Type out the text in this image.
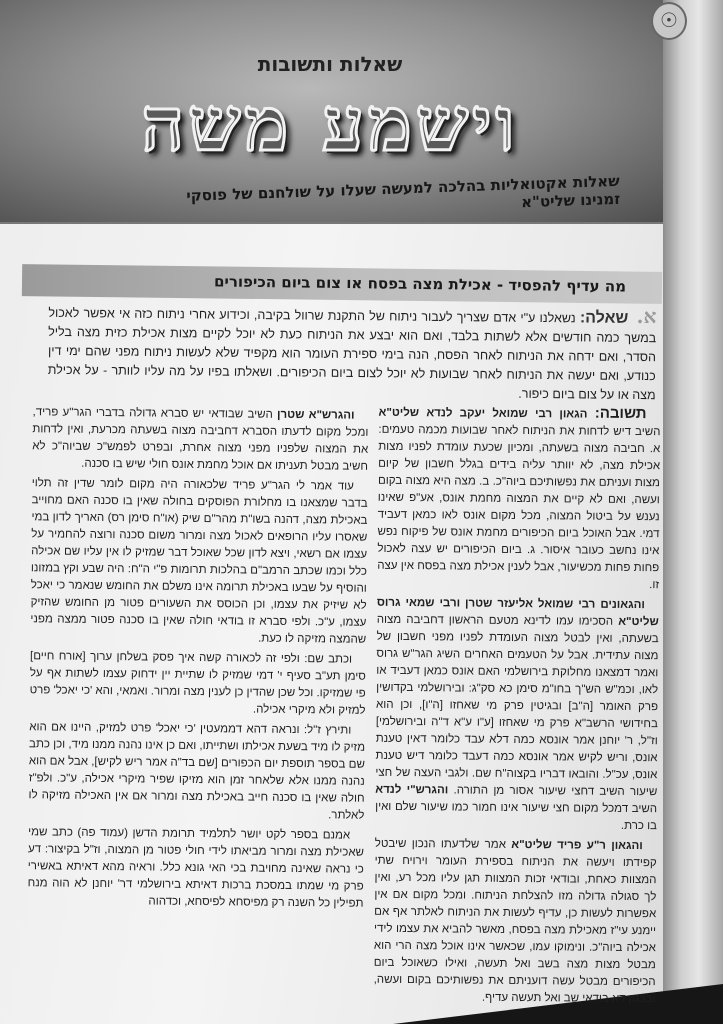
שאלות ותשובות
וישמע משה
שאלות אקטואליות בהלכה למעשה שעלו על שולחנם של פוסקי זמנינו שליט"א
☉
מה עדיף להפסיד - אכילת מצה בפסח או צום ביום הכיפורים
א. שאלה: נשאלנו ע"י אדם שצריך לעבור ניתוח של התקנת שרוול בקיבה, וכידוע אחרי ניתוח כזה אי אפשר לאכול במשך כמה חודשים אלא לשתות בלבד, ואם הוא יבצע את הניתוח כעת לא יוכל לקיים מצות אכילת כזית מצה בליל הסדר, ואם ידחה את הניתוח לאחר הפסח, הנה בימי ספירת העומר הוא מקפיד שלא לעשות ניתוח מפני שהם ימי דין כנודע, ואם יעשה את הניתוח לאחר שבועות לא יוכל לצום ביום הכיפורים. ושאלתו בפיו על מה עליו לוותר - על אכילת מצה או על צום ביום כיפור.

תשובה: הגאון רבי שמואל יעקב לנדא שליט"א השיב דיש לדחות את הניתוח לאחר שבועות מכמה טעמים: א. חביבה מצוה בשעתה, ומכיון שכעת עומדת לפניו מצות אכילת מצה, לא יוותר עליה בידים בגלל חשבון של קיום מצות ועניתם את נפשותיכם ביוה"כ. ב. מצה היא מצוה בקום ועשה, ואם לא קיים את המצוה מחמת אונס, אע"פ שאינו נענש על ביטול המצוה, מכל מקום אונס לאו כמאן דעביד דמי. אבל האוכל ביום הכיפורים מחמת אונס של פיקוח נפש אינו נחשב כעובר איסור. ג. ביום הכיפורים יש עצה לאכול פחות פחות מכשיעור, אבל לענין אכילת מצה בפסח אין עצה זו.

והגאונים רבי שמואל אליעזר שטרן ורבי שמאי גרוס שליט"א הסכימו עמו לדינא מטעם הראשון דחביבה מצוה בשעתה, ואין לבטל מצוה העומדת לפניו מפני חשבון של מצוה עתידית. אבל על הטעמים האחרים השיג הגר"ש גרוס ואמר דמצאנו מחלוקת בירושלמי האם אונס כמאן דעביד או לאו, וכמ"ש הש"ך בחו"מ סימן כא סק"ג: ובירושלמי בקדושין פרק האומר [ה"ב] ובגיטין פרק מי שאחזו [ה"ו], וכן הוא בחידושי הרשב"א פרק מי שאחזו [ע"ו ע"א ד"ה ובירושלמי] וז"ל, ר' יוחנן אמר אונסא כמה דלא עבד כלומר דאין טענת אונס, וריש לקיש אמר אונסא כמה דעבד כלומר דיש טענת אונס, עכ"ל. והובאו דבריו בקצוה"ח שם. ולגבי העצה של חצי שיעור השיב דחצי שיעור אסור מן התורה. והגרש"י לנדא השיב דמכל מקום חצי שיעור אינו חמור כמו שיעור שלם ואין בו כרת.

והגאון ר"ע פריד שליט"א אמר שלדעתו הנכון שיבטל קפידתו ויעשה את הניתוח בספירת העומר וירויח שתי המצוות כאחת, ובודאי זכות המצוות תגן עליו מכל רע, ואין לך סגולה גדולה מזו להצלחת הניתוח. ומכל מקום אם אין אפשרות לעשות כן, עדיף לעשות את הניתוח לאלתר אף אם יימנע עי"ז מאכילת מצה בפסח, מאשר להביא את עצמו לידי אכילה ביוה"כ. ונימוקו עמו, שכאשר אינו אוכל מצה הרי הוא מבטל מצות מצה בשב ואל תעשה, ואילו כשאוכל ביום הכיפורים מבטל עשה דועניתם את נפשותיכם בקום ועשה, ובכגון דא בודאי שב ואל תעשה עדיף.

והגרש"א שטרן השיב שבודאי יש סברא גדולה בדברי הגר"ע פריד, ומכל מקום לדעתו הסברא דחביבה מצוה בשעתה מכרעת, ואין לדחות את המצוה שלפניו מפני מצוה אחרת, ובפרט לפמש"כ שביוה"כ לא חשיב מבטל תעניתו אם אוכל מחמת אונס חולי שיש בו סכנה.

עוד אמר לי הגר"ע פריד שלכאורה היה מקום לומר שדין זה תלוי בדבר שמצאנו בו מחלורת הפוסקים בחולה שאין בו סכנה האם מחוייב באכילת מצה, דהנה בשו"ת מהר"ם שיק (או"ח סימן רס) האריך לדון במי שאסרו עליו הרופאים לאכול מצה ומרור משום סכנה ורוצה להחמיר על עצמו אם רשאי, ויצא לדון שכל שאוכל דבר שמזיק לו אין עליו שם אכילה כלל וכמו שכתב הרמב"ם בהלכות תרומות פ"י ה"ח: היה שבע וקץ במזונו והוסיף על שבעו באכילת תרומה אינו משלם את החומש שנאמר כי יאכל לא שיזיק את עצמו, וכן הכוסס את השעורים פטור מן החומש שהזיק עצמו, ע"כ. ולפי סברא זו בודאי חולה שאין בו סכנה פטור ממצה מפני שהמצה מזיקה לו כעת.

וכתב שם: ולפי זה לכאורה קשה איך פסק בשלחן ערוך [אורח חיים] סימן תע"ב סעיף י' דמי שמזיק לו שתיית יין ידחוק עצמו לשתות אף על פי שמזיקו. וכל שכן שהדין כן לענין מצה ומרור. ואמאי, והא 'כי יאכל' פרט למזיק ולא מיקרי אכילה.

ותירץ ז"ל: ונראה דהא דממעטין 'כי יאכל' פרט למזיק, היינו אם הוא מזיק לו מיד בשעת אכילתו ושתייתו, ואם כן אינו נהנה ממנו מיד, וכן כתב שם בספר תוספת יום הכפורים [שם בד"ה אמר ריש לקיש], אבל אם הוא נהנה ממנו אלא שלאחר זמן הוא מזיקו שפיר מיקרי אכילה, ע"כ. ולפ"ז חולה שאין בו סכנה חייב באכילת מצה ומרור אם אין האכילה מזיקה לו לאלתר.

אמנם בספר לקט יושר לתלמיד תרומת הדשן (עמוד פה) כתב שמי שאכילת מצה ומרור מביאתו לידי חולי פטור מן המצוה, וז"ל בקיצור: דע כי נראה שאינה מחויבת בכי האי גונא כלל. וראיה מהא דאיתא באשירי פרק מי שמתו במסכת ברכות דאיתא בירושלמי דר' יוחנן לא הוה מנח תפילין כל השנה רק מפיסחא לפיסחא, וכדהוה
